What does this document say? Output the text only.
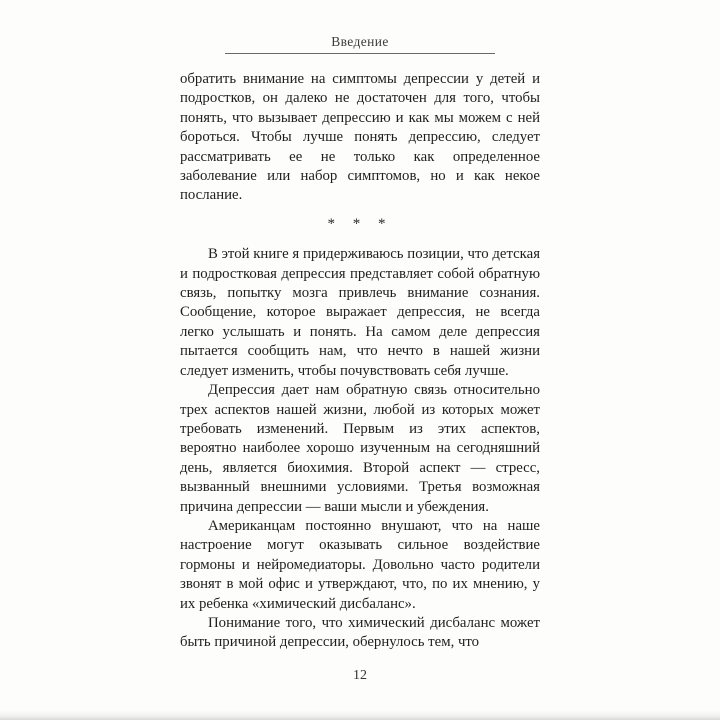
Введение

обратить внимание на симптомы депрессии у детей и подростков, он далеко не достаточен для того, чтобы понять, что вызывает депрессию и как мы можем с ней бороться. Чтобы лучше понять депрессию, следует рассматривать ее не только как определенное заболевание или набор симптомов, но и как некое послание.

* * *

В этой книге я придерживаюсь позиции, что детская и подростковая депрессия представляет собой обратную связь, попытку мозга привлечь внимание сознания. Сообщение, которое выражает депрессия, не всегда легко услышать и понять. На самом деле депрессия пытается сообщить нам, что нечто в нашей жизни следует изменить, чтобы почувствовать себя лучше.

Депрессия дает нам обратную связь относительно трех аспектов нашей жизни, любой из которых может требовать изменений. Первым из этих аспектов, вероятно наиболее хорошо изученным на сегодняшний день, является биохимия. Второй аспект — стресс, вызванный внешними условиями. Третья возможная причина депрессии — ваши мысли и убеждения.

Американцам постоянно внушают, что на наше настроение могут оказывать сильное воздействие гормоны и нейромедиаторы. Довольно часто родители звонят в мой офис и утверждают, что, по их мнению, у их ребенка «химический дисбаланс».

Понимание того, что химический дисбаланс может быть причиной депрессии, обернулось тем, что

12
